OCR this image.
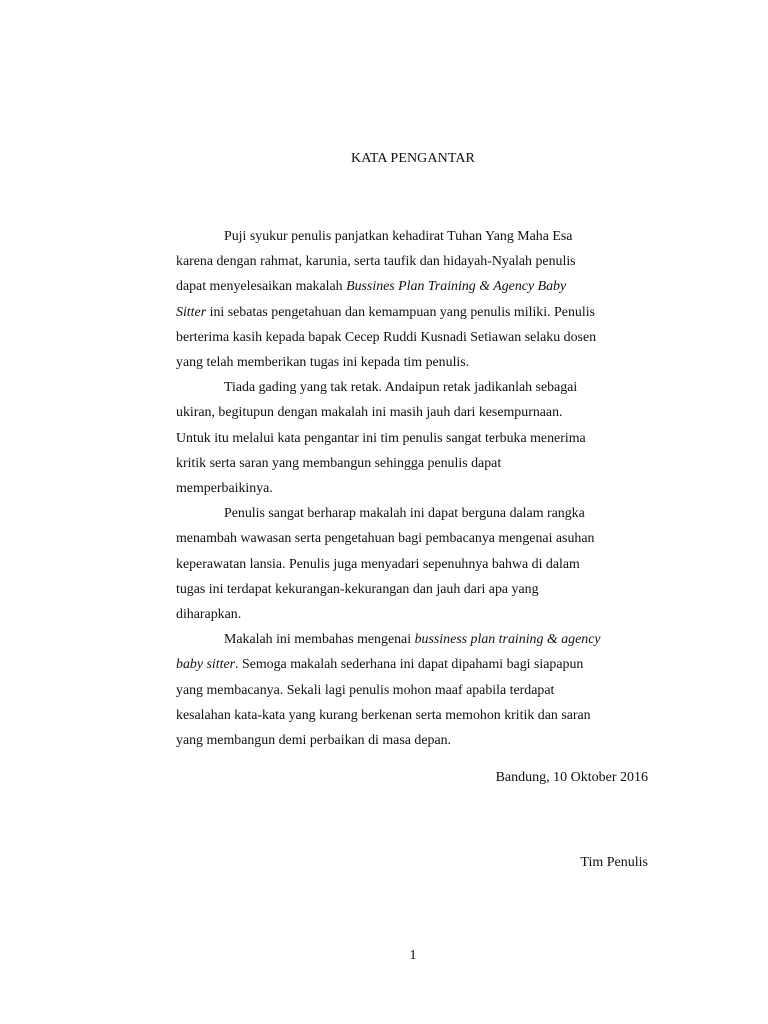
KATA PENGANTAR

Puji syukur penulis panjatkan kehadirat Tuhan Yang Maha Esa
karena dengan rahmat, karunia, serta taufik dan hidayah-Nyalah penulis
dapat menyelesaikan makalah Bussines Plan Training & Agency Baby
Sitter ini sebatas pengetahuan dan kemampuan yang penulis miliki. Penulis
berterima kasih kepada bapak Cecep Ruddi Kusnadi Setiawan selaku dosen
yang telah memberikan tugas ini kepada tim penulis.

Tiada gading yang tak retak. Andaipun retak jadikanlah sebagai
ukiran, begitupun dengan makalah ini masih jauh dari kesempurnaan.
Untuk itu melalui kata pengantar ini tim penulis sangat terbuka menerima
kritik serta saran yang membangun sehingga penulis dapat
memperbaikinya.

Penulis sangat berharap makalah ini dapat berguna dalam rangka
menambah wawasan serta pengetahuan bagi pembacanya mengenai asuhan
keperawatan lansia. Penulis juga menyadari sepenuhnya bahwa di dalam
tugas ini terdapat kekurangan-kekurangan dan jauh dari apa yang
diharapkan.

Makalah ini membahas mengenai bussiness plan training & agency
baby sitter. Semoga makalah sederhana ini dapat dipahami bagi siapapun
yang membacanya. Sekali lagi penulis mohon maaf apabila terdapat
kesalahan kata-kata yang kurang berkenan serta memohon kritik dan saran
yang membangun demi perbaikan di masa depan.

Bandung, 10 Oktober 2016

Tim Penulis

1
